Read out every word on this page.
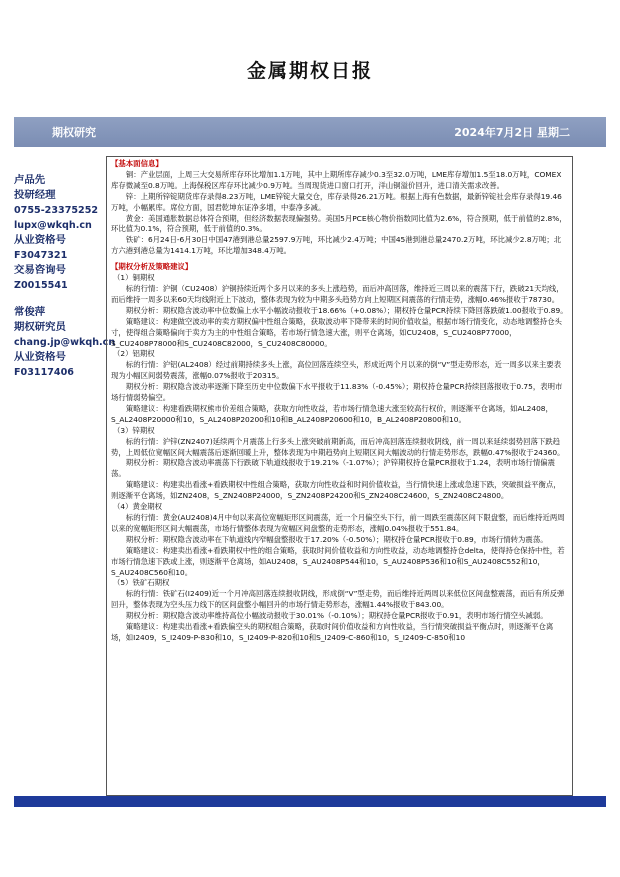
金属期权日报
期权研究	2024年7月2日 星期二
卢品先
投研经理
0755-23375252
lupx@wkqh.cn
从业资格号
F3047321
交易咨询号
Z0015541
常俊萍
期权研究员
chang.jp@wkqh.cn
从业资格号
F03117406
【基本面信息】
铜：产业层面，上周三大交易所库存环比增加1.1万吨，其中上期所库存减少0.3至32.0万吨，LME库存增加1.5至18.0万吨，COMEX库存微减至0.8万吨。上海保税区库存环比减少0.9万吨。当周现货进口窗口打开，洋山铜溢价回升，进口清关需求改善。
锌：上期所锌锭期货库存录得8.23万吨，LME锌锭大量交仓，库存录得26.21万吨。根据上海有色数据，最新锌锭社会库存录得19.46万吨，小幅累库。席位方面，国君乾坤东证净多增，中泰净多减。
黄金：美国通胀数据总体符合预期，但经济数据表现偏强势。美国5月PCE核心物价指数同比值为2.6%，符合预期，低于前值的2.8%，环比值为0.1%，符合预期，低于前值的0.3%。
铁矿：6月24日-6月30日中国47港到港总量2597.9万吨，环比减少2.4万吨；中国45港到港总量2470.2万吨，环比减少2.8万吨；北方六港到港总量为1414.1万吨，环比增加348.4万吨。
【期权分析及策略建议】
（1）铜期权
标的行情：沪铜（CU2408）沪铜持续近两个多月以来的多头上涨趋势，而后冲高回落，维持近三周以来的震荡下行，跌破21天均线，而后维持一周多以来60天均线附近上下波动，整体表现为较为中期多头趋势方向上短期区间震荡的行情走势，涨幅0.46%报收于78730。
期权分析：期权隐含波动率中位数偏上水平小幅波动报收于18.66%（+0.08%）；期权持仓量PCR持续下降回落跌破1.00报收于0.89。
策略建议：构建做空波动率的卖方期权偏中性组合策略，获取波动率下降带来的时间价值收益，根据市场行情变化，动态地调整持仓头寸，使得组合策略偏向于卖方为主的中性组合策略，若市场行情急速大涨，则平仓离场，如CU2408，S_CU2408P77000，S_CU2408P78000和S_CU2408C82000，S_CU2408C80000。
（2）铝期权
标的行情：沪铝(AL2408）经过前期持续多头上涨，高位回落连续空头，形成近两个月以来的倒“V”型走势形态，近一周多以来主要表现为小幅区间弱势震荡，涨幅0.07%报收于20315。
期权分析：期权隐含波动率逐渐下降至历史中位数偏下水平报收于11.83%（-0.45%）；期权持仓量PCR持续回落报收于0.75，表明市场行情弱势偏空。
策略建议：构建看跌期权熊市价差组合策略，获取方向性收益，若市场行情急速大涨至较高行权价，则逐渐平仓离场，如AL2408，S_AL2408P20000和10，S_AL2408P20200和10和B_AL2408P20600和10，B_AL2408P20800和10。
（3）锌期权
标的行情：沪锌(ZN2407)延续两个月震荡上行多头上涨突破前期新高，而后冲高回落连续报收阴线，前一周以来延续弱势回落下跌趋势，上周低位宽幅区间大幅震荡后逐渐回暖上升，整体表现为中期趋势向上短期区间大幅波动的行情走势形态，跌幅0.47%报收于24360。
期权分析：期权隐含波动率震荡下行跌破下轨道线报收于19.21%（-1.07%）；沪锌期权持仓量PCR报收于1.24，表明市场行情偏震荡。
策略建议：构建卖出看涨+看跌期权中性组合策略，获取方向性收益和时间价值收益，当行情快速上涨或急速下跌，突破损益平衡点，则逐渐平仓离场，如ZN2408，S_ZN2408P24000，S_ZN2408P24200和S_ZN2408C24600，S_ZN2408C24800。
（4）黄金期权
标的行情：黄金(AU2408)4月中旬以来高位宽幅矩形区间震荡，近一个月偏空头下行，前一周跌至震荡区间下限盘整，而后维持近两周以来的宽幅矩形区间大幅震荡，市场行情整体表现为宽幅区间盘整的走势形态，涨幅0.04%报收于551.84。
期权分析：期权隐含波动率在下轨道线内窄幅盘整报收于17.20%（-0.50%）；期权持仓量PCR报收于0.89，市场行情转为震荡。
策略建议：构建卖出看涨+看跌期权中性的组合策略，获取时间价值收益和方向性收益，动态地调整持仓delta，使得持仓保持中性，若市场行情急速下跌或上涨，则逐渐平仓离场，如AU2408，S_AU2408P544和10，S_AU2408P536和10和S_AU2408C552和10，S_AU2408C560和10。
（5）铁矿石期权
标的行情：铁矿石(I2409)近一个月冲高回落连续报收阴线，形成倒“V”型走势，而后维持近两周以来低位区间盘整震荡，而后有所反弹回升，整体表现为空头压力线下的区间盘整小幅回升的市场行情走势形态，涨幅1.44%报收于843.00。
期权分析：期权隐含波动率维持高位小幅波动报收于30.01%（-0.10%）；期权持仓量PCR报收于0.91，表明市场行情空头减弱。
策略建议：构建卖出看涨+看跌偏空头的期权组合策略，获取时间价值收益和方向性收益，当行情突破损益平衡点时，则逐渐平仓离场，如I2409，S_I2409-P-830和10，S_I2409-P-820和10和S_I2409-C-860和10，S_I2409-C-850和10
